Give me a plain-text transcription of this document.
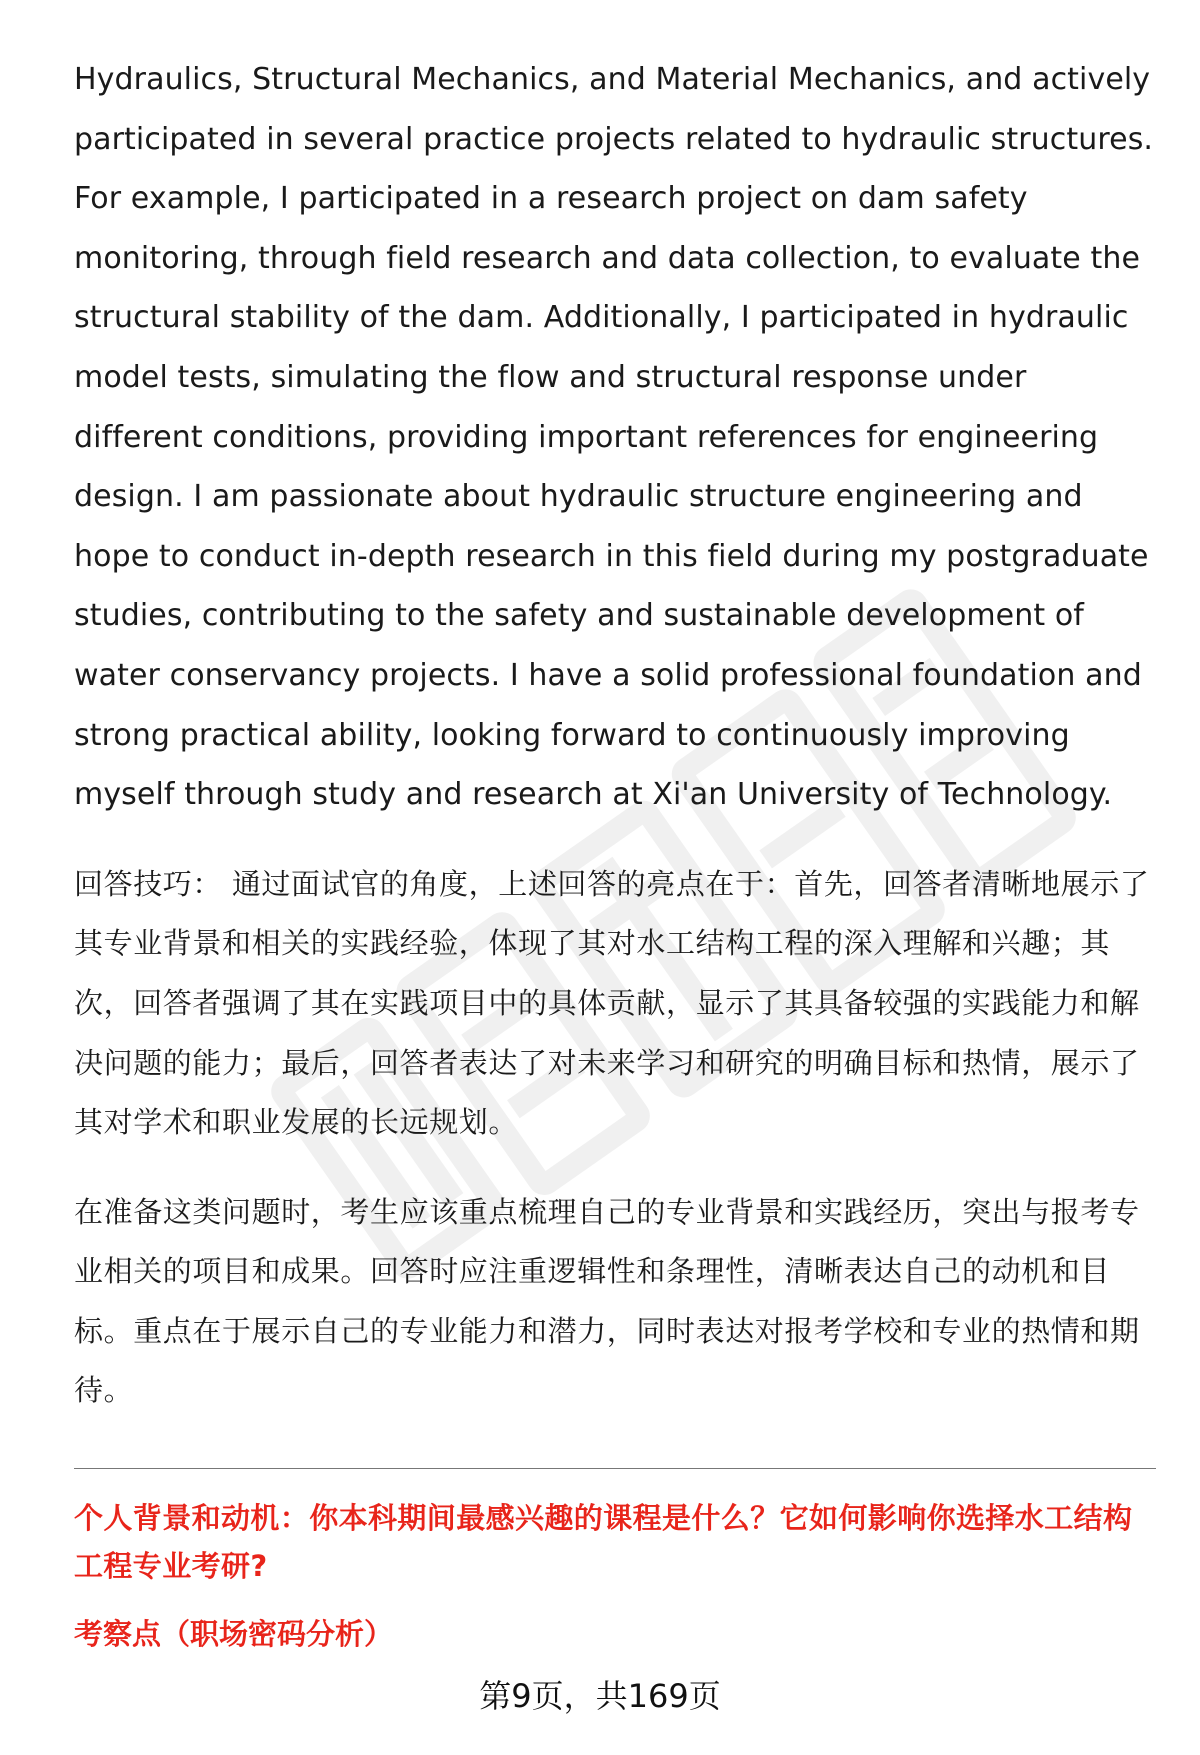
Hydraulics, Structural Mechanics, and Material Mechanics, and actively participated in several practice projects related to hydraulic structures. For example, I participated in a research project on dam safety monitoring, through field research and data collection, to evaluate the structural stability of the dam. Additionally, I participated in hydraulic model tests, simulating the flow and structural response under different conditions, providing important references for engineering design. I am passionate about hydraulic structure engineering and hope to conduct in-depth research in this field during my postgraduate studies, contributing to the safety and sustainable development of water conservancy projects. I have a solid professional foundation and strong practical ability, looking forward to continuously improving myself through study and research at Xi'an University of Technology.

回答技巧： 通过面试官的角度，上述回答的亮点在于：首先，回答者清晰地展示了其专业背景和相关的实践经验，体现了其对水工结构工程的深入理解和兴趣；其次，回答者强调了其在实践项目中的具体贡献，显示了其具备较强的实践能力和解决问题的能力；最后，回答者表达了对未来学习和研究的明确目标和热情，展示了其对学术和职业发展的长远规划。

在准备这类问题时，考生应该重点梳理自己的专业背景和实践经历，突出与报考专业相关的项目和成果。回答时应注重逻辑性和条理性，清晰表达自己的动机和目标。重点在于展示自己的专业能力和潜力，同时表达对报考学校和专业的热情和期待。

个人背景和动机：你本科期间最感兴趣的课程是什么？它如何影响你选择水工结构工程专业考研?
考察点（职场密码分析）
第9页，共169页
